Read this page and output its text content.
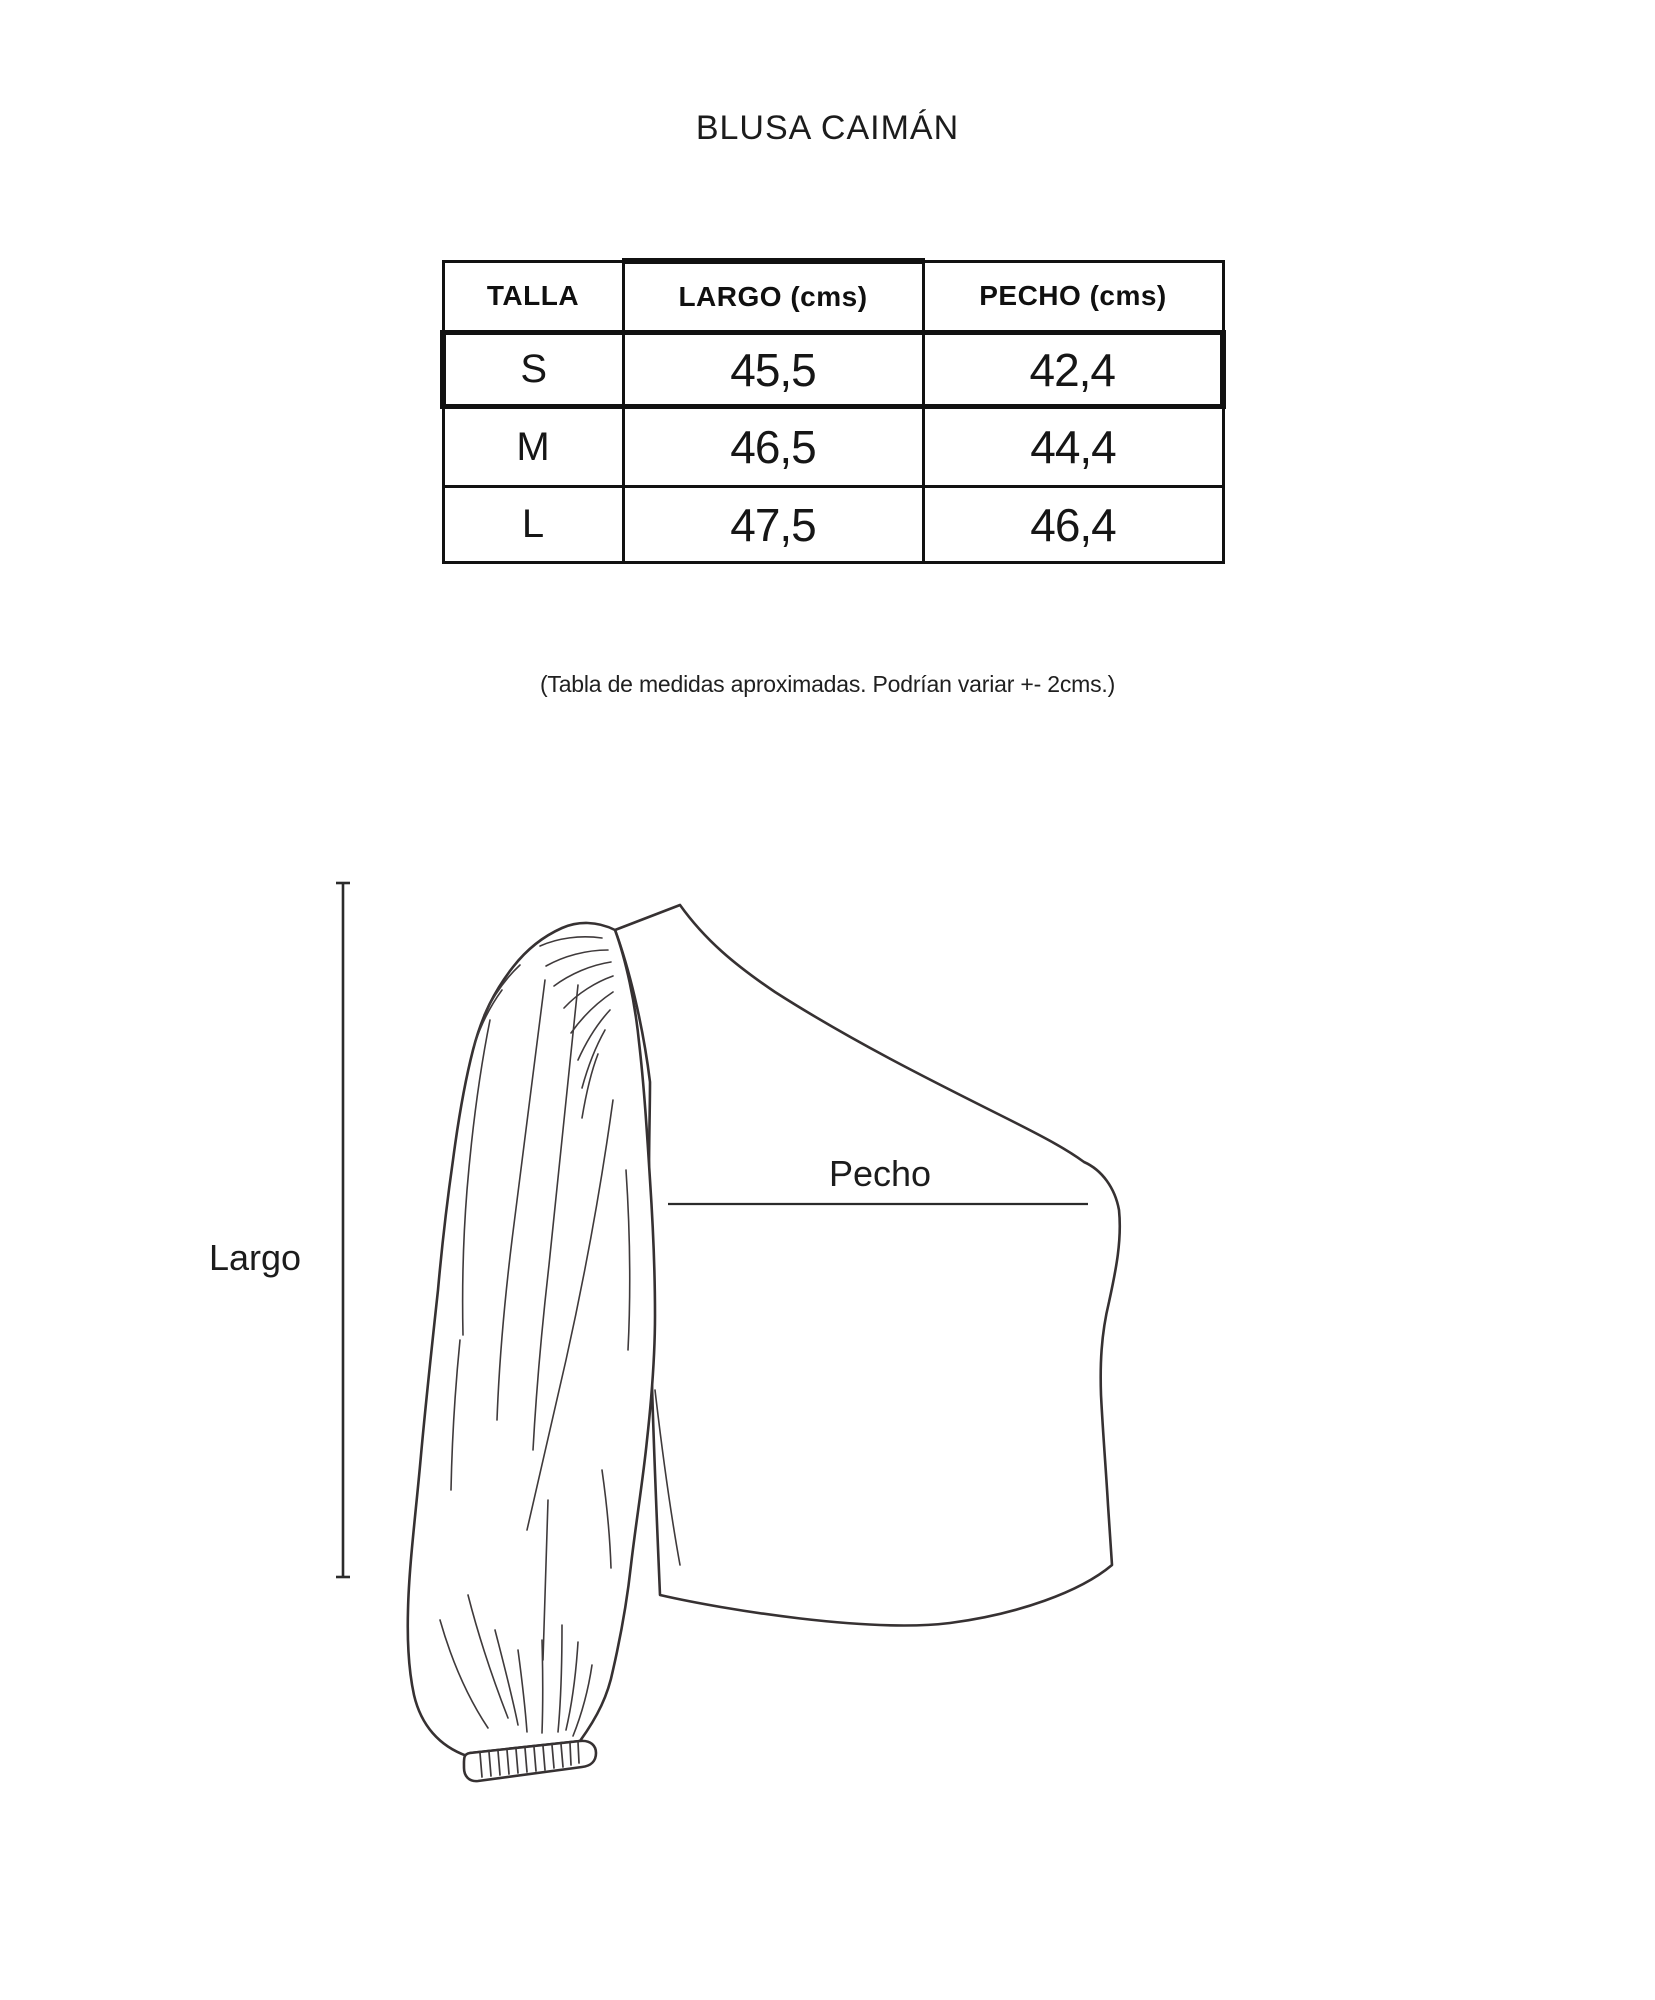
BLUSA CAIMÁN
TALLA	LARGO (cms)	PECHO (cms)
S	45,5	42,4
M	46,5	44,4
L	47,5	46,4
(Tabla de medidas aproximadas. Podrían variar +- 2cms.)
Largo
Pecho
